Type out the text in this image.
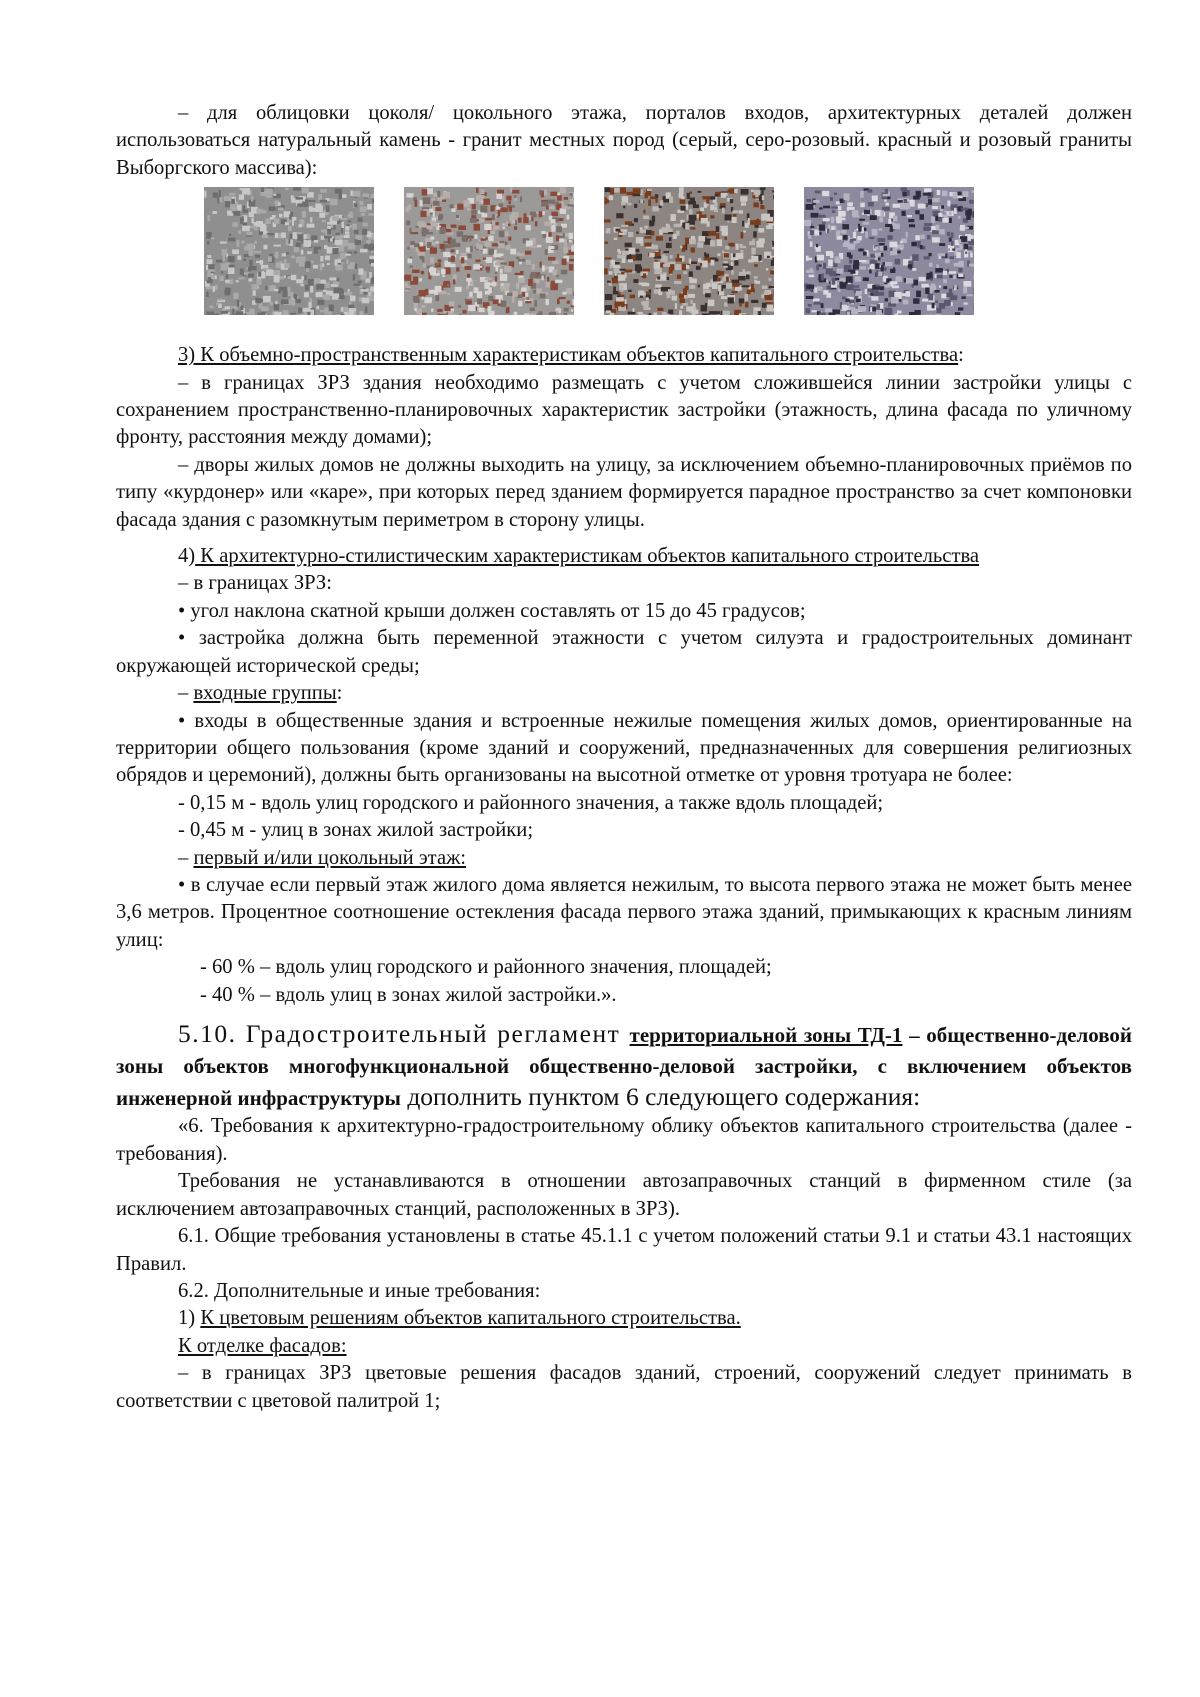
– для облицовки цоколя/ цокольного этажа, порталов входов, архитектурных деталей должен использоваться натуральный камень - гранит местных пород (серый, серо-розовый. красный и розовый граниты Выборгского массива):

3) К объемно-пространственным характеристикам объектов капитального строительства:

– в границах ЗРЗ здания необходимо размещать с учетом сложившейся линии застройки улицы с сохранением пространственно-планировочных характеристик застройки (этажность, длина фасада по уличному фронту, расстояния между домами);

– дворы жилых домов не должны выходить на улицу, за исключением объемно-планировочных приёмов по типу «курдонер» или «каре», при которых перед зданием формируется парадное пространство за счет компоновки фасада здания с разомкнутым периметром в сторону улицы.

4) К архитектурно-стилистическим характеристикам объектов капитального строительства

– в границах ЗРЗ:

• угол наклона скатной крыши должен составлять от 15 до 45 градусов;

• застройка должна быть переменной этажности с учетом силуэта и градостроительных доминант окружающей исторической среды;

– входные группы:

• входы в общественные здания и встроенные нежилые помещения жилых домов, ориентированные на территории общего пользования (кроме зданий и сооружений, предназначенных для совершения религиозных обрядов и церемоний), должны быть организованы на высотной отметке от уровня тротуара не более:

- 0,15 м - вдоль улиц городского и районного значения, а также вдоль площадей;

- 0,45 м - улиц в зонах жилой застройки;

– первый и/или цокольный этаж:

• в случае если первый этаж жилого дома является нежилым, то высота первого этажа не может быть менее 3,6 метров. Процентное соотношение остекления фасада первого этажа зданий, примыкающих к красным линиям улиц:

- 60 % – вдоль улиц городского и районного значения, площадей;

- 40 % – вдоль улиц в зонах жилой застройки.».

5.10. Градостроительный регламент территориальной зоны ТД-1 – общественно-деловой зоны объектов многофункциональной общественно-деловой застройки, с включением объектов инженерной инфраструктуры дополнить пунктом 6 следующего содержания:

«6. Требования к архитектурно-градостроительному облику объектов капитального строительства (далее - требования).

Требования не устанавливаются в отношении автозаправочных станций в фирменном стиле (за исключением автозаправочных станций, расположенных в ЗРЗ).

6.1. Общие требования установлены в статье 45.1.1 с учетом положений статьи 9.1 и статьи 43.1 настоящих Правил.

6.2. Дополнительные и иные требования:

1) К цветовым решениям объектов капитального строительства.

К отделке фасадов:

– в границах ЗРЗ цветовые решения фасадов зданий, строений, сооружений следует принимать в соответствии с цветовой палитрой 1;
